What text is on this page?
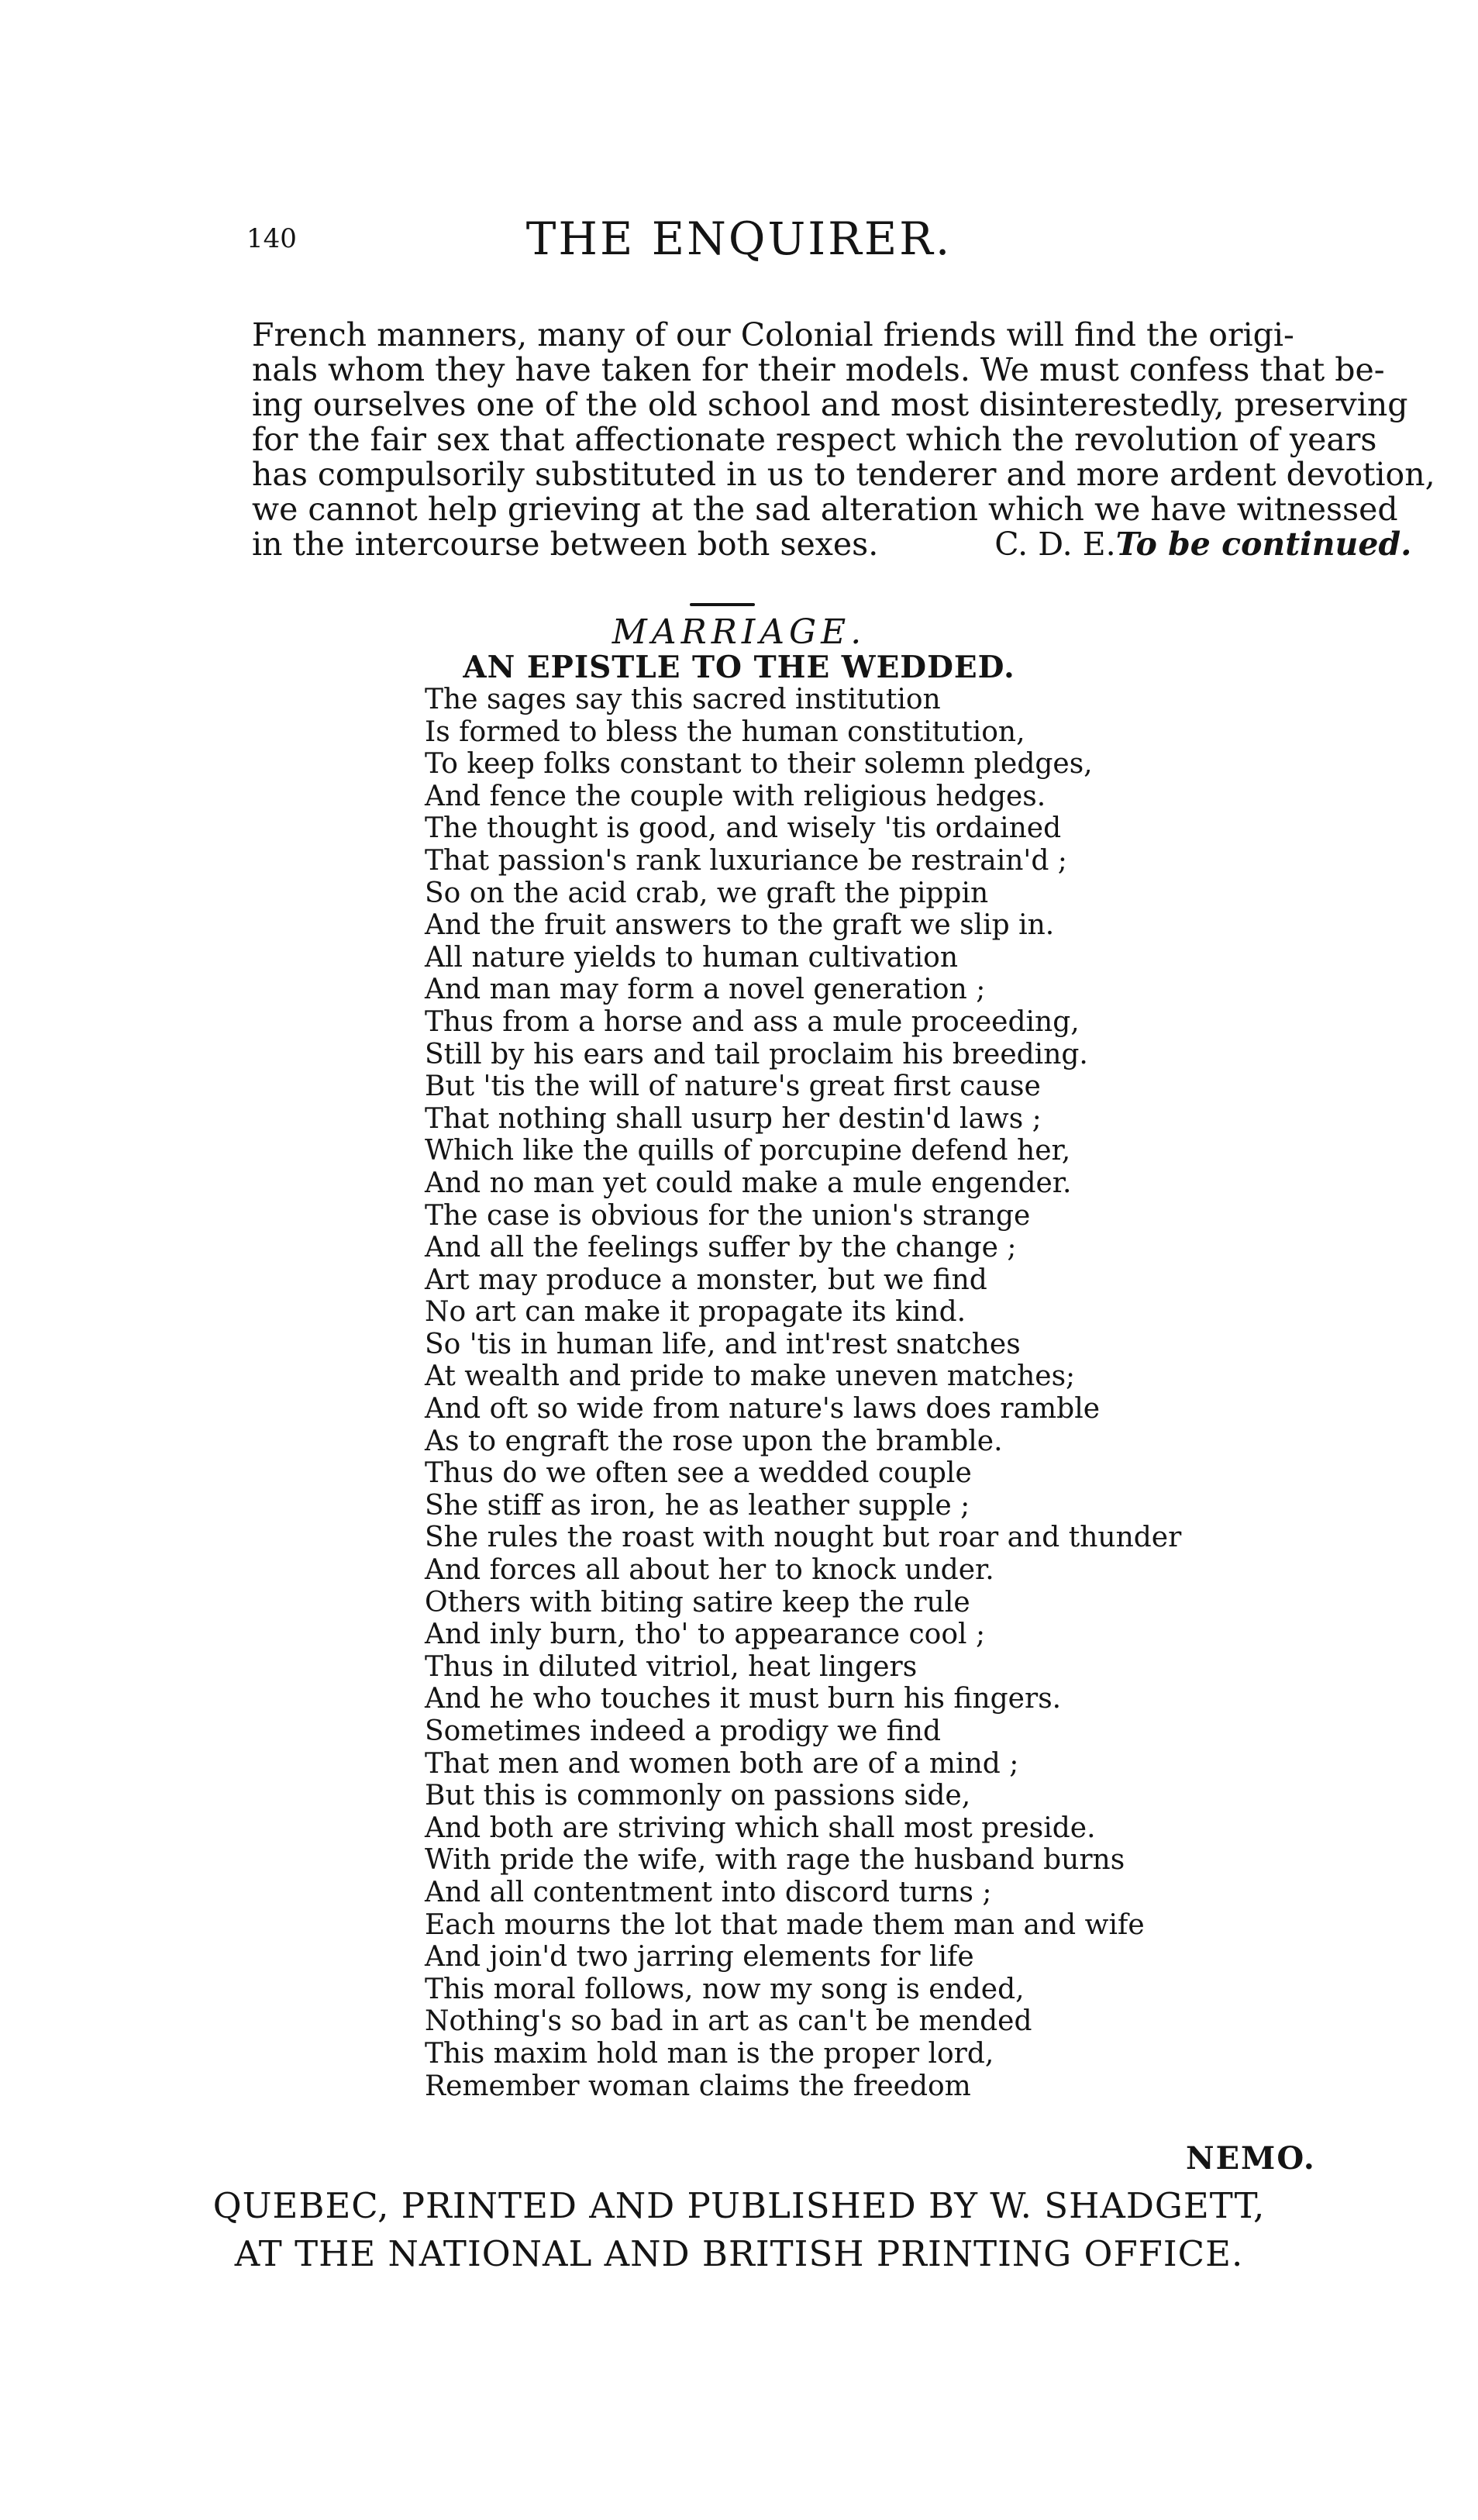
140	THE ENQUIRER.
French manners, many of our Colonial friends will find the origi-
nals whom they have taken for their models. We must confess that be-
ing ourselves one of the old school and most disinterestedly, preserving
for the fair sex that affectionate respect which the revolution of years
has compulsorily substituted in us to tenderer and more ardent devotion,
we cannot help grieving at the sad alteration which we have witnessed
in the intercourse between both sexes.	C. D. E. To be continued.
MARRIAGE.
AN EPISTLE TO THE WEDDED.
The sages say this sacred institution
Is formed to bless the human constitution,
To keep folks constant to their solemn pledges,
And fence the couple with religious hedges.
The thought is good, and wisely 'tis ordained
That passion's rank luxuriance be restrain'd ;
So on the acid crab, we graft the pippin
And the fruit answers to the graft we slip in.
All nature yields to human cultivation
And man may form a novel generation ;
Thus from a horse and ass a mule proceeding,
Still by his ears and tail proclaim his breeding.
But 'tis the will of nature's great first cause
That nothing shall usurp her destin'd laws ;
Which like the quills of porcupine defend her,
And no man yet could make a mule engender.
The case is obvious for the union's strange
And all the feelings suffer by the change ;
Art may produce a monster, but we find
No art can make it propagate its kind.
So 'tis in human life, and int'rest snatches
At wealth and pride to make uneven matches;
And oft so wide from nature's laws does ramble
As to engraft the rose upon the bramble.
Thus do we often see a wedded couple
She stiff as iron, he as leather supple ;
She rules the roast with nought but roar and thunder
And forces all about her to knock under.
Others with biting satire keep the rule
And inly burn, tho' to appearance cool ;
Thus in diluted vitriol, heat lingers
And he who touches it must burn his fingers.
Sometimes indeed a prodigy we find
That men and women both are of a mind ;
But this is commonly on passions side,
And both are striving which shall most preside.
With pride the wife, with rage the husband burns
And all contentment into discord turns ;
Each mourns the lot that made them man and wife
And join'd two jarring elements for life
This moral follows, now my song is ended,
Nothing's so bad in art as can't be mended
This maxim hold man is the proper lord,
Remember woman claims the freedom
NEMO.
QUEBEC, PRINTED AND PUBLISHED BY W. SHADGETT,
AT THE NATIONAL AND BRITISH PRINTING OFFICE.
